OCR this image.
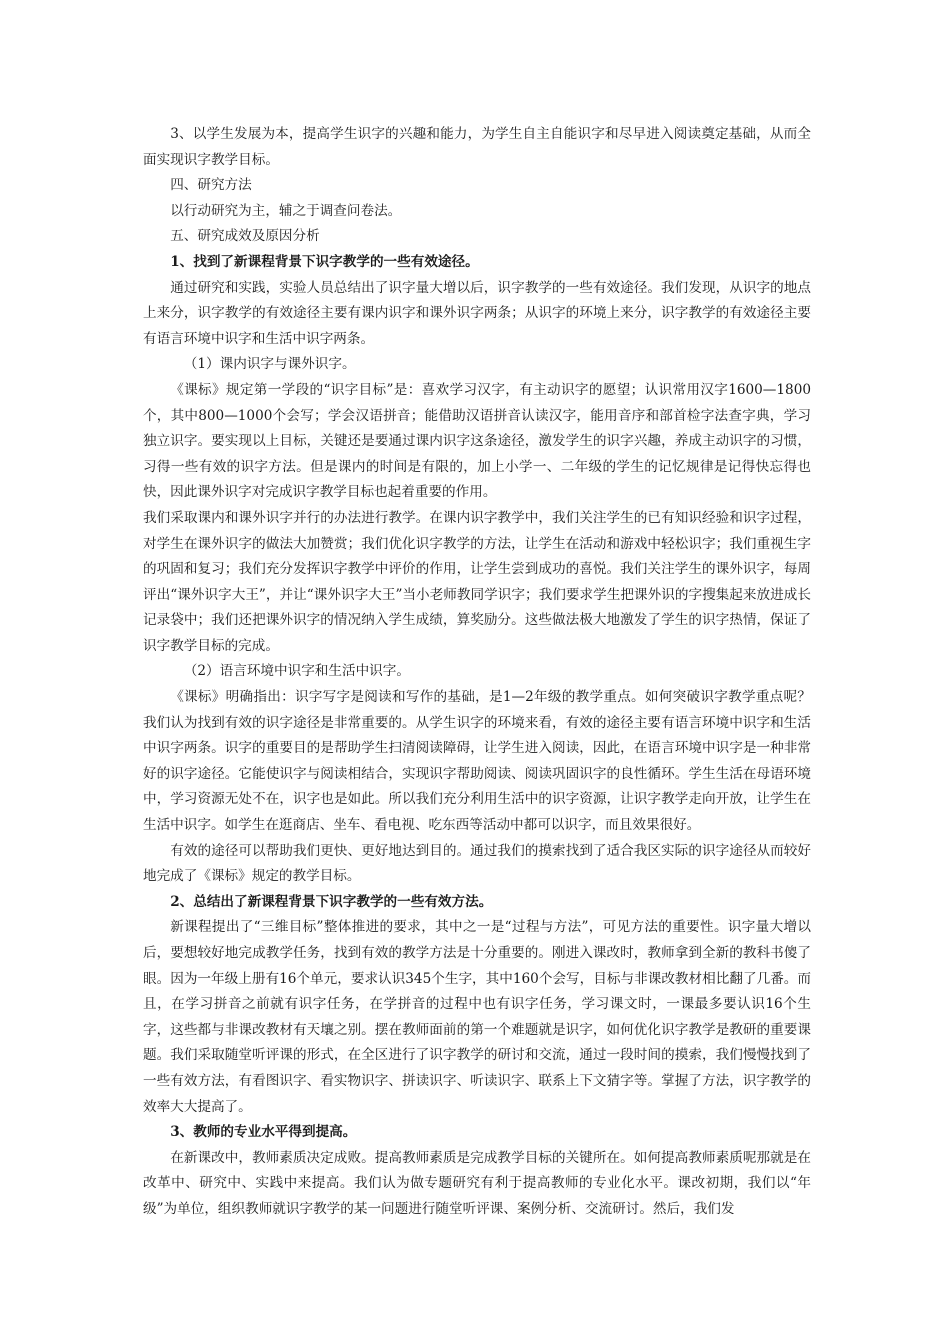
3、以学生发展为本，提高学生识字的兴趣和能力，为学生自主自能识字和尽早进入阅读奠定基础，从而全面实现识字教学目标。

四、研究方法

以行动研究为主，辅之于调查问卷法。

五、研究成效及原因分析

1、找到了新课程背景下识字教学的一些有效途径。

通过研究和实践，实验人员总结出了识字量大增以后，识字教学的一些有效途径。我们发现，从识字的地点上来分，识字教学的有效途径主要有课内识字和课外识字两条；从识字的环境上来分，识字教学的有效途径主要有语言环境中识字和生活中识字两条。

（1）课内识字与课外识字。

《课标》规定第一学段的“识字目标”是：喜欢学习汉字，有主动识字的愿望；认识常用汉字1600—1800个，其中800—1000个会写；学会汉语拼音；能借助汉语拼音认读汉字，能用音序和部首检字法查字典，学习独立识字。要实现以上目标，关键还是要通过课内识字这条途径，激发学生的识字兴趣，养成主动识字的习惯，习得一些有效的识字方法。但是课内的时间是有限的，加上小学一、二年级的学生的记忆规律是记得快忘得也快，因此课外识字对完成识字教学目标也起着重要的作用。

我们采取课内和课外识字并行的办法进行教学。在课内识字教学中，我们关注学生的已有知识经验和识字过程，对学生在课外识字的做法大加赞赏；我们优化识字教学的方法，让学生在活动和游戏中轻松识字；我们重视生字的巩固和复习；我们充分发挥识字教学中评价的作用，让学生尝到成功的喜悦。我们关注学生的课外识字，每周评出“课外识字大王”，并让“课外识字大王”当小老师教同学识字；我们要求学生把课外识的字搜集起来放进成长记录袋中；我们还把课外识字的情况纳入学生成绩，算奖励分。这些做法极大地激发了学生的识字热情，保证了识字教学目标的完成。

（2）语言环境中识字和生活中识字。

《课标》明确指出：识字写字是阅读和写作的基础，是1—2年级的教学重点。如何突破识字教学重点呢？我们认为找到有效的识字途径是非常重要的。从学生识字的环境来看，有效的途径主要有语言环境中识字和生活中识字两条。识字的重要目的是帮助学生扫清阅读障碍，让学生进入阅读，因此，在语言环境中识字是一种非常好的识字途径。它能使识字与阅读相结合，实现识字帮助阅读、阅读巩固识字的良性循环。学生生活在母语环境中，学习资源无处不在，识字也是如此。所以我们充分利用生活中的识字资源，让识字教学走向开放，让学生在生活中识字。如学生在逛商店、坐车、看电视、吃东西等活动中都可以识字，而且效果很好。

有效的途径可以帮助我们更快、更好地达到目的。通过我们的摸索找到了适合我区实际的识字途径从而较好地完成了《课标》规定的教学目标。

2、总结出了新课程背景下识字教学的一些有效方法。

新课程提出了“三维目标”整体推进的要求，其中之一是“过程与方法”，可见方法的重要性。识字量大增以后，要想较好地完成教学任务，找到有效的教学方法是十分重要的。刚进入课改时，教师拿到全新的教科书傻了眼。因为一年级上册有16个单元，要求认识345个生字，其中160个会写，目标与非课改教材相比翻了几番。而且，在学习拼音之前就有识字任务，在学拼音的过程中也有识字任务，学习课文时，一课最多要认识16个生字，这些都与非课改教材有天壤之别。摆在教师面前的第一个难题就是识字，如何优化识字教学是教研的重要课题。我们采取随堂听评课的形式，在全区进行了识字教学的研讨和交流，通过一段时间的摸索，我们慢慢找到了一些有效方法，有看图识字、看实物识字、拼读识字、听读识字、联系上下文猜字等。掌握了方法，识字教学的效率大大提高了。

3、教师的专业水平得到提高。

在新课改中，教师素质决定成败。提高教师素质是完成教学目标的关键所在。如何提高教师素质呢那就是在改革中、研究中、实践中来提高。我们认为做专题研究有利于提高教师的专业化水平。课改初期，我们以“年级”为单位，组织教师就识字教学的某一问题进行随堂听评课、案例分析、交流研讨。然后，我们发
